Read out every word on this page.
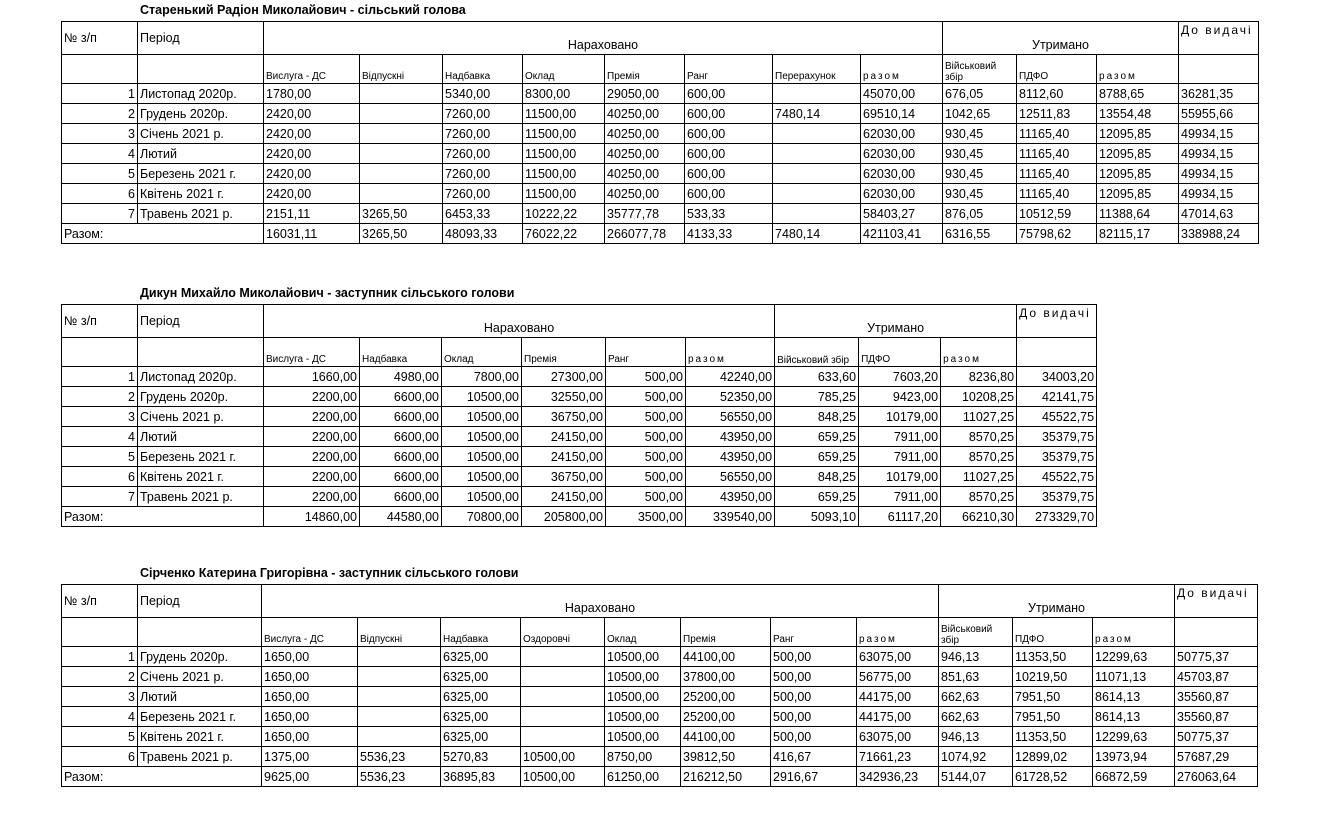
Старенький Радіон Миколайович - сільський голова
№ з/п	Період	Нараховано								Утримано			До видачі
		Вислуга - ДС	Відпускні	Надбавка	Оклад	Премія	Ранг	Перерахунок	разом	Військовий збір	ПДФО	разом	
1	Листопад 2020р.	1780,00		5340,00	8300,00	29050,00	600,00		45070,00	676,05	8112,60	8788,65	36281,35
2	Грудень 2020р.	2420,00		7260,00	11500,00	40250,00	600,00	7480,14	69510,14	1042,65	12511,83	13554,48	55955,66
3	Січень 2021 р.	2420,00		7260,00	11500,00	40250,00	600,00		62030,00	930,45	11165,40	12095,85	49934,15
4	Лютий	2420,00		7260,00	11500,00	40250,00	600,00		62030,00	930,45	11165,40	12095,85	49934,15
5	Березень 2021 г.	2420,00		7260,00	11500,00	40250,00	600,00		62030,00	930,45	11165,40	12095,85	49934,15
6	Квітень 2021 г.	2420,00		7260,00	11500,00	40250,00	600,00		62030,00	930,45	11165,40	12095,85	49934,15
7	Травень 2021 р.	2151,11	3265,50	6453,33	10222,22	35777,78	533,33		58403,27	876,05	10512,59	11388,64	47014,63
Разом:		16031,11	3265,50	48093,33	76022,22	266077,78	4133,33	7480,14	421103,41	6316,55	75798,62	82115,17	338988,24
Дикун Михайло Миколайович - заступник сільського голови
№ з/п	Період	Нараховано						Утримано			До видачі
		Вислуга - ДС	Надбавка	Оклад	Премія	Ранг	разом	Військовий збір	ПДФО	разом	
1	Листопад 2020р.	1660,00	4980,00	7800,00	27300,00	500,00	42240,00	633,60	7603,20	8236,80	34003,20
2	Грудень 2020р.	2200,00	6600,00	10500,00	32550,00	500,00	52350,00	785,25	9423,00	10208,25	42141,75
3	Січень 2021 р.	2200,00	6600,00	10500,00	36750,00	500,00	56550,00	848,25	10179,00	11027,25	45522,75
4	Лютий	2200,00	6600,00	10500,00	24150,00	500,00	43950,00	659,25	7911,00	8570,25	35379,75
5	Березень 2021 г.	2200,00	6600,00	10500,00	24150,00	500,00	43950,00	659,25	7911,00	8570,25	35379,75
6	Квітень 2021 г.	2200,00	6600,00	10500,00	36750,00	500,00	56550,00	848,25	10179,00	11027,25	45522,75
7	Травень 2021 р.	2200,00	6600,00	10500,00	24150,00	500,00	43950,00	659,25	7911,00	8570,25	35379,75
Разом:		14860,00	44580,00	70800,00	205800,00	3500,00	339540,00	5093,10	61117,20	66210,30	273329,70
Сірченко Катерина Григорівна - заступник сільського голови
№ з/п	Період	Нараховано								Утримано			До видачі
		Вислуга - ДС	Відпускні	Надбавка	Оздоровчі	Оклад	Премія	Ранг	разом	Військовий збір	ПДФО	разом	
1	Грудень 2020р.	1650,00		6325,00		10500,00	44100,00	500,00	63075,00	946,13	11353,50	12299,63	50775,37
2	Січень 2021 р.	1650,00		6325,00		10500,00	37800,00	500,00	56775,00	851,63	10219,50	11071,13	45703,87
3	Лютий	1650,00		6325,00		10500,00	25200,00	500,00	44175,00	662,63	7951,50	8614,13	35560,87
4	Березень 2021 г.	1650,00		6325,00		10500,00	25200,00	500,00	44175,00	662,63	7951,50	8614,13	35560,87
5	Квітень 2021 г.	1650,00		6325,00		10500,00	44100,00	500,00	63075,00	946,13	11353,50	12299,63	50775,37
6	Травень 2021 р.	1375,00	5536,23	5270,83	10500,00	8750,00	39812,50	416,67	71661,23	1074,92	12899,02	13973,94	57687,29
Разом:		9625,00	5536,23	36895,83	10500,00	61250,00	216212,50	2916,67	342936,23	5144,07	61728,52	66872,59	276063,64
